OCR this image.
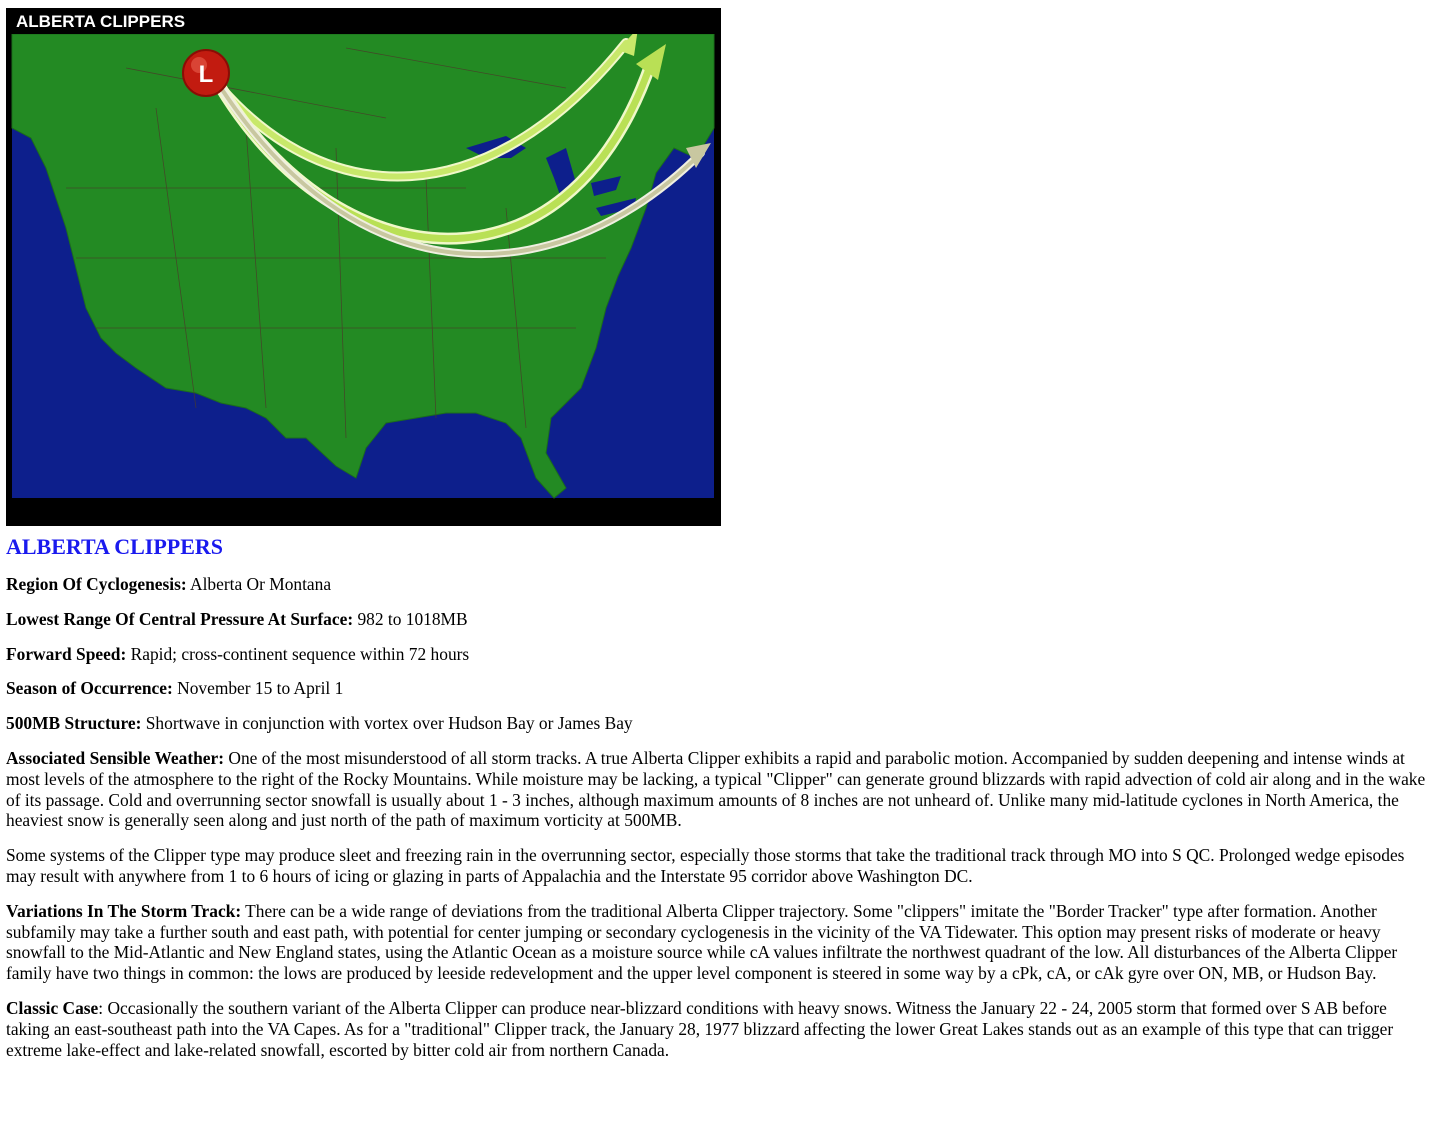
L
ALBERTA CLIPPERS
ALBERTA CLIPPERS

Region Of Cyclogenesis: Alberta Or Montana

Lowest Range Of Central Pressure At Surface: 982 to 1018MB

Forward Speed: Rapid; cross-continent sequence within 72 hours

Season of Occurrence: November 15 to April 1

500MB Structure: Shortwave in conjunction with vortex over Hudson Bay or James Bay

Associated Sensible Weather: One of the most misunderstood of all storm tracks. A true Alberta Clipper exhibits a rapid and parabolic motion. Accompanied by sudden deepening and intense winds at most levels of the atmosphere to the right of the Rocky Mountains. While moisture may be lacking, a typical "Clipper" can generate ground blizzards with rapid advection of cold air along and in the wake of its passage. Cold and overrunning sector snowfall is usually about 1 - 3 inches, although maximum amounts of 8 inches are not unheard of. Unlike many mid-latitude cyclones in North America, the heaviest snow is generally seen along and just north of the path of maximum vorticity at 500MB.

Some systems of the Clipper type may produce sleet and freezing rain in the overrunning sector, especially those storms that take the traditional track through MO into S QC. Prolonged wedge episodes may result with anywhere from 1 to 6 hours of icing or glazing in parts of Appalachia and the Interstate 95 corridor above Washington DC.

Variations In The Storm Track: There can be a wide range of deviations from the traditional Alberta Clipper trajectory. Some "clippers" imitate the "Border Tracker" type after formation. Another subfamily may take a further south and east path, with potential for center jumping or secondary cyclogenesis in the vicinity of the VA Tidewater. This option may present risks of moderate or heavy snowfall to the Mid-Atlantic and New England states, using the Atlantic Ocean as a moisture source while cA values infiltrate the northwest quadrant of the low. All disturbances of the Alberta Clipper family have two things in common: the lows are produced by leeside redevelopment and the upper level component is steered in some way by a cPk, cA, or cAk gyre over ON, MB, or Hudson Bay.

Classic Case: Occasionally the southern variant of the Alberta Clipper can produce near-blizzard conditions with heavy snows. Witness the January 22 - 24, 2005 storm that formed over S AB before taking an east-southeast path into the VA Capes. As for a "traditional" Clipper track, the January 28, 1977 blizzard affecting the lower Great Lakes stands out as an example of this type that can trigger extreme lake-effect and lake-related snowfall, escorted by bitter cold air from northern Canada.
